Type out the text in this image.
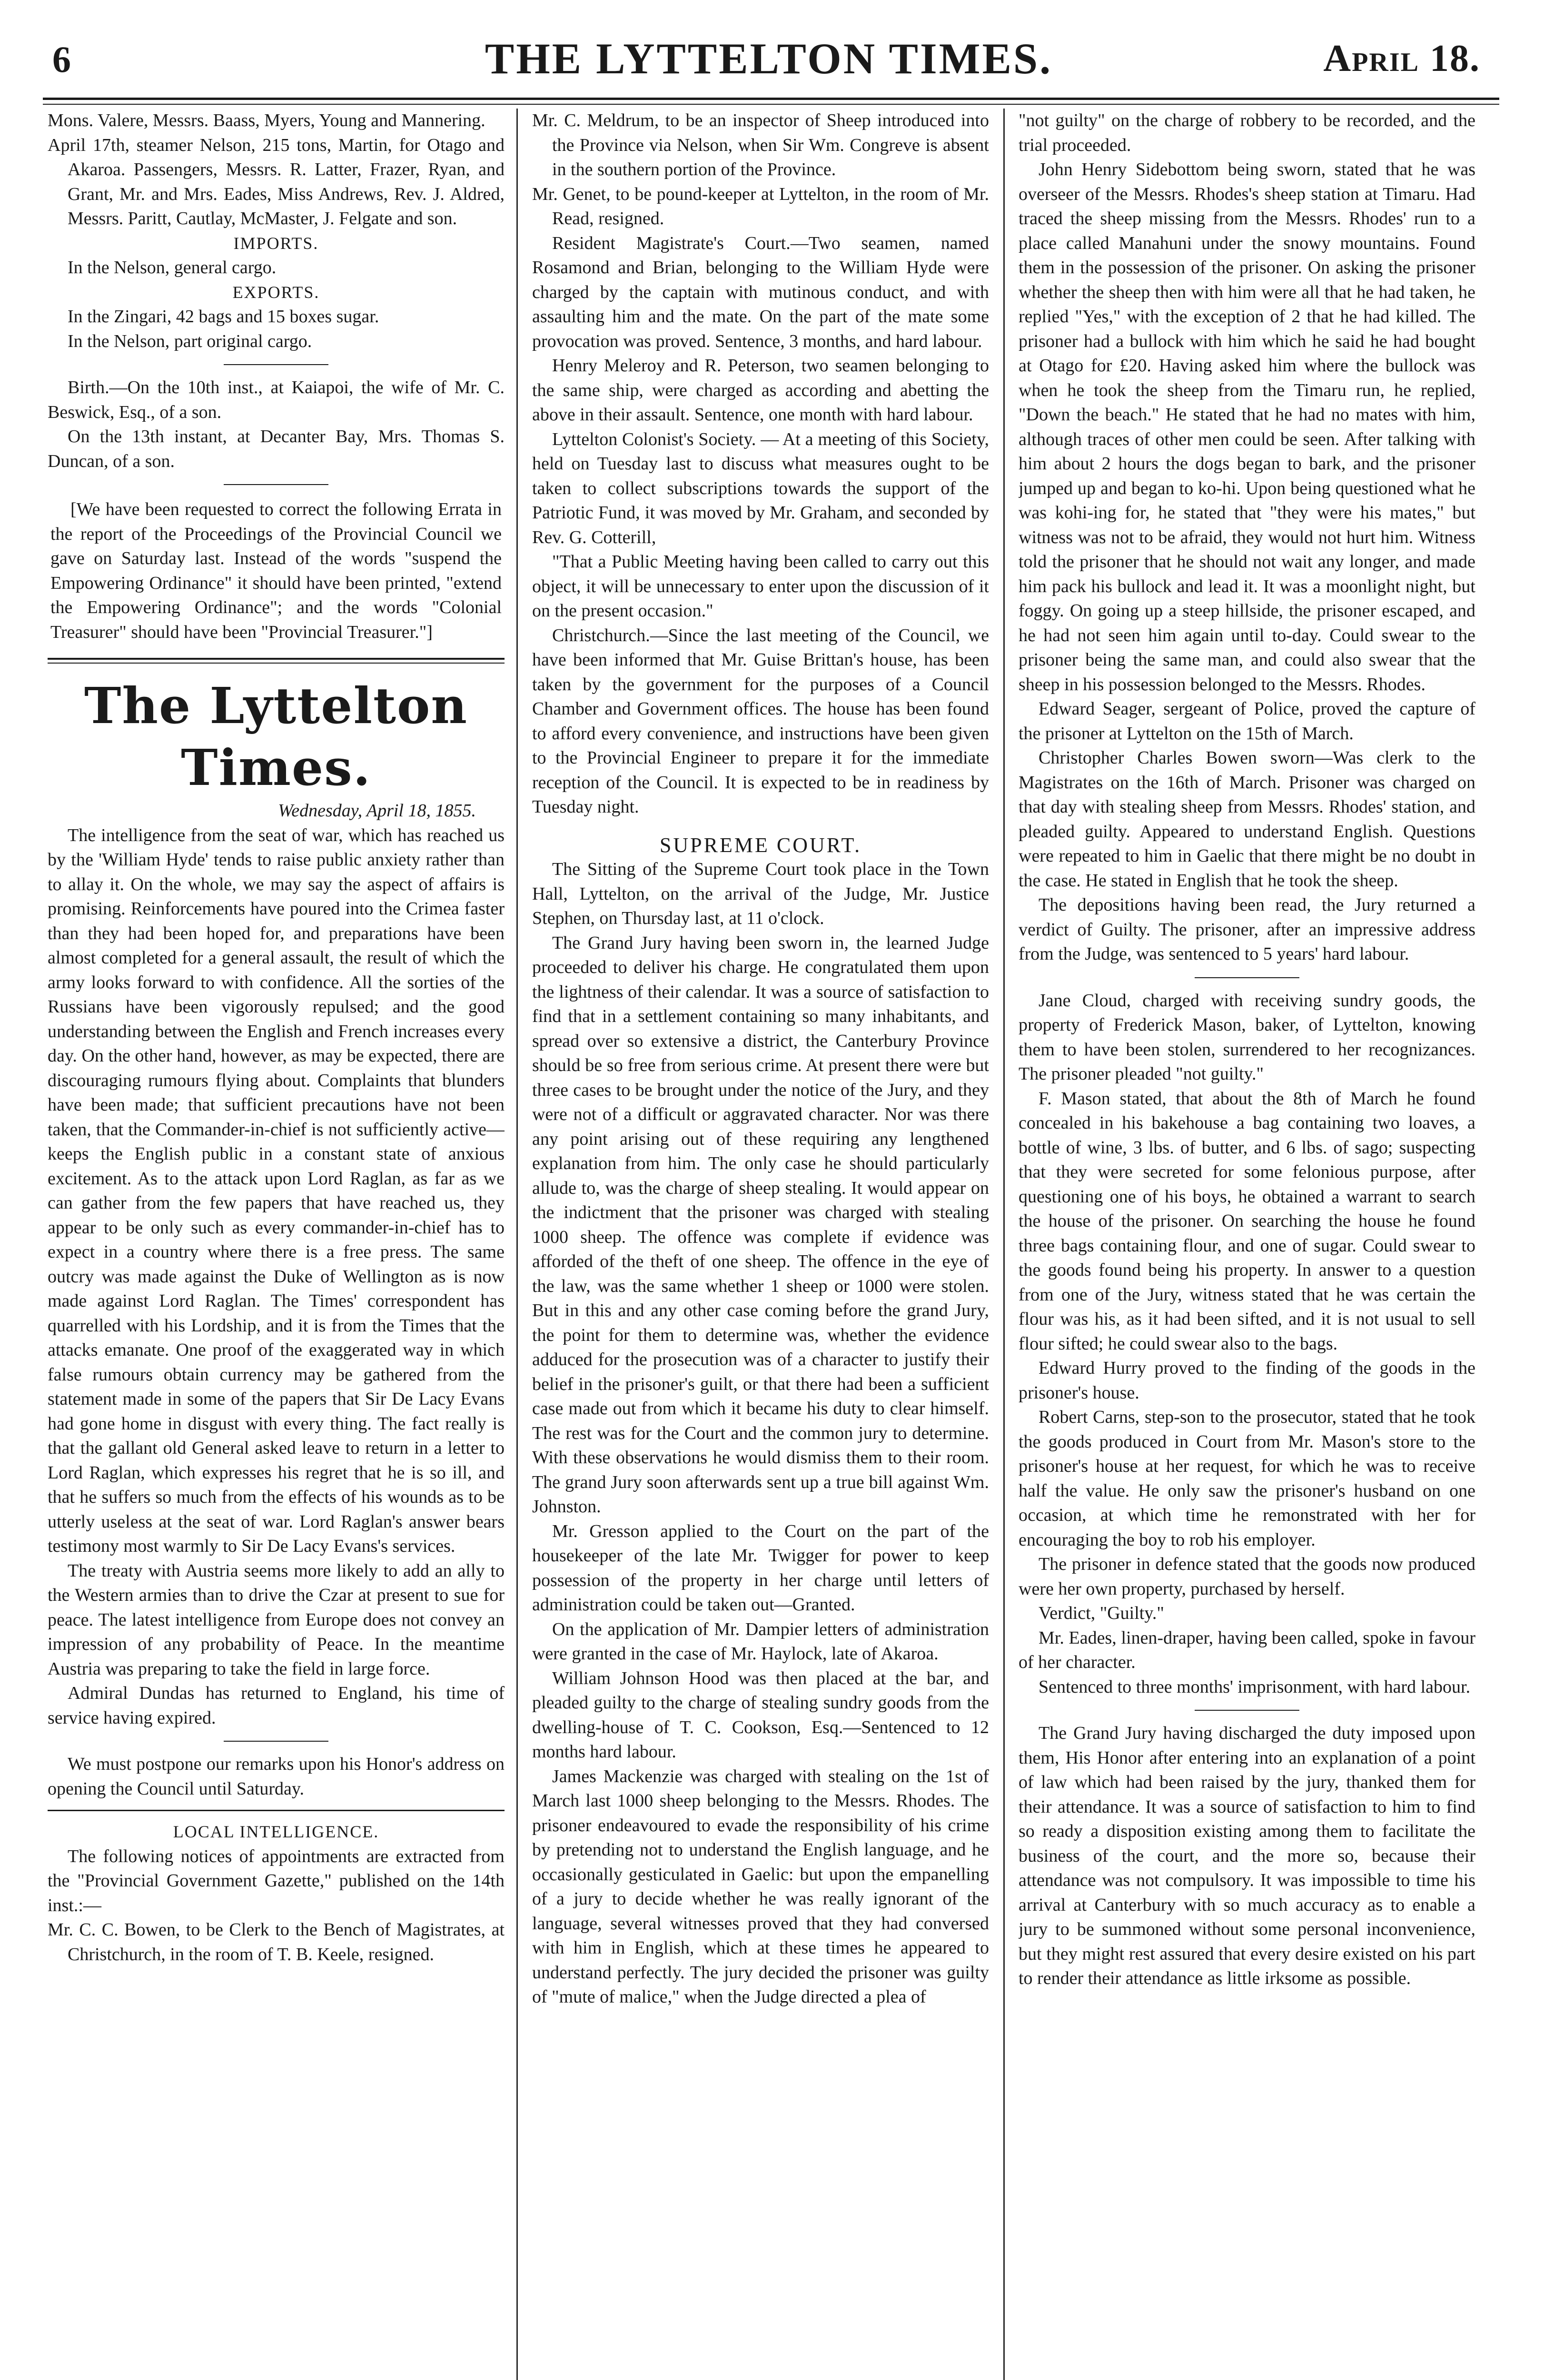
6	THE LYTTELTON TIMES.	April 18.

Mons. Valere, Messrs. Baass, Myers, Young and Mannering.

April 17th, steamer Nelson, 215 tons, Martin, for Otago and Akaroa. Passengers, Messrs. R. Latter, Frazer, Ryan, and Grant, Mr. and Mrs. Eades, Miss Andrews, Rev. J. Aldred, Messrs. Paritt, Cautlay, McMaster, J. Felgate and son.

IMPORTS.

In the Nelson, general cargo.

EXPORTS.

In the Zingari, 42 bags and 15 boxes sugar.

In the Nelson, part original cargo.

Birth.—On the 10th inst., at Kaiapoi, the wife of Mr. C. Beswick, Esq., of a son.

On the 13th instant, at Decanter Bay, Mrs. Thomas S. Duncan, of a son.

[We have been requested to correct the following Errata in the report of the Proceedings of the Provincial Council we gave on Saturday last. Instead of the words "suspend the Empowering Ordinance" it should have been printed, "extend the Empowering Ordinance"; and the words "Colonial Treasurer" should have been "Provincial Treasurer."]

The Lyttelton Times.

Wednesday, April 18, 1855.

The intelligence from the seat of war, which has reached us by the 'William Hyde' tends to raise public anxiety rather than to allay it. On the whole, we may say the aspect of affairs is promising. Reinforcements have poured into the Crimea faster than they had been hoped for, and preparations have been almost completed for a general assault, the result of which the army looks forward to with confidence. All the sorties of the Russians have been vigorously repulsed; and the good understanding between the English and French increases every day. On the other hand, however, as may be expected, there are discouraging rumours flying about. Complaints that blunders have been made; that sufficient precautions have not been taken, that the Commander-in-chief is not sufficiently active—keeps the English public in a constant state of anxious excitement. As to the attack upon Lord Raglan, as far as we can gather from the few papers that have reached us, they appear to be only such as every commander-in-chief has to expect in a country where there is a free press. The same outcry was made against the Duke of Wellington as is now made against Lord Raglan. The Times' correspondent has quarrelled with his Lordship, and it is from the Times that the attacks emanate. One proof of the exaggerated way in which false rumours obtain currency may be gathered from the statement made in some of the papers that Sir De Lacy Evans had gone home in disgust with every thing. The fact really is that the gallant old General asked leave to return in a letter to Lord Raglan, which expresses his regret that he is so ill, and that he suffers so much from the effects of his wounds as to be utterly useless at the seat of war. Lord Raglan's answer bears testimony most warmly to Sir De Lacy Evans's services.

The treaty with Austria seems more likely to add an ally to the Western armies than to drive the Czar at present to sue for peace. The latest intelligence from Europe does not convey an impression of any probability of Peace. In the meantime Austria was preparing to take the field in large force.

Admiral Dundas has returned to England, his time of service having expired.

We must postpone our remarks upon his Honor's address on opening the Council until Saturday.

LOCAL INTELLIGENCE.

The following notices of appointments are extracted from the "Provincial Government Gazette," published on the 14th inst.:—

Mr. C. C. Bowen, to be Clerk to the Bench of Magistrates, at Christchurch, in the room of T. B. Keele, resigned.

Mr. C. Meldrum, to be an inspector of Sheep introduced into the Province via Nelson, when Sir Wm. Congreve is absent in the southern portion of the Province.

Mr. Genet, to be pound-keeper at Lyttelton, in the room of Mr. Read, resigned.

Resident Magistrate's Court.—Two seamen, named Rosamond and Brian, belonging to the William Hyde were charged by the captain with mutinous conduct, and with assaulting him and the mate. On the part of the mate some provocation was proved. Sentence, 3 months, and hard labour.

Henry Meleroy and R. Peterson, two seamen belonging to the same ship, were charged as according and abetting the above in their assault. Sentence, one month with hard labour.

Lyttelton Colonist's Society. — At a meeting of this Society, held on Tuesday last to discuss what measures ought to be taken to collect subscriptions towards the support of the Patriotic Fund, it was moved by Mr. Graham, and seconded by Rev. G. Cotterill,

"That a Public Meeting having been called to carry out this object, it will be unnecessary to enter upon the discussion of it on the present occasion."

Christchurch.—Since the last meeting of the Council, we have been informed that Mr. Guise Brittan's house, has been taken by the government for the purposes of a Council Chamber and Government offices. The house has been found to afford every convenience, and instructions have been given to the Provincial Engineer to prepare it for the immediate reception of the Council. It is expected to be in readiness by Tuesday night.

SUPREME COURT.

The Sitting of the Supreme Court took place in the Town Hall, Lyttelton, on the arrival of the Judge, Mr. Justice Stephen, on Thursday last, at 11 o'clock.

The Grand Jury having been sworn in, the learned Judge proceeded to deliver his charge. He congratulated them upon the lightness of their calendar. It was a source of satisfaction to find that in a settlement containing so many inhabitants, and spread over so extensive a district, the Canterbury Province should be so free from serious crime. At present there were but three cases to be brought under the notice of the Jury, and they were not of a difficult or aggravated character. Nor was there any point arising out of these requiring any lengthened explanation from him. The only case he should particularly allude to, was the charge of sheep stealing. It would appear on the indictment that the prisoner was charged with stealing 1000 sheep. The offence was complete if evidence was afforded of the theft of one sheep. The offence in the eye of the law, was the same whether 1 sheep or 1000 were stolen. But in this and any other case coming before the grand Jury, the point for them to determine was, whether the evidence adduced for the prosecution was of a character to justify their belief in the prisoner's guilt, or that there had been a sufficient case made out from which it became his duty to clear himself. The rest was for the Court and the common jury to determine. With these observations he would dismiss them to their room. The grand Jury soon afterwards sent up a true bill against Wm. Johnston.

Mr. Gresson applied to the Court on the part of the housekeeper of the late Mr. Twigger for power to keep possession of the property in her charge until letters of administration could be taken out—Granted.

On the application of Mr. Dampier letters of administration were granted in the case of Mr. Haylock, late of Akaroa.

William Johnson Hood was then placed at the bar, and pleaded guilty to the charge of stealing sundry goods from the dwelling-house of T. C. Cookson, Esq.—Sentenced to 12 months hard labour.

James Mackenzie was charged with stealing on the 1st of March last 1000 sheep belonging to the Messrs. Rhodes. The prisoner endeavoured to evade the responsibility of his crime by pretending not to understand the English language, and he occasionally gesticulated in Gaelic: but upon the empanelling of a jury to decide whether he was really ignorant of the language, several witnesses proved that they had conversed with him in English, which at these times he appeared to understand perfectly. The jury decided the prisoner was guilty of "mute of malice," when the Judge directed a plea of

"not guilty" on the charge of robbery to be recorded, and the trial proceeded.

John Henry Sidebottom being sworn, stated that he was overseer of the Messrs. Rhodes's sheep station at Timaru. Had traced the sheep missing from the Messrs. Rhodes' run to a place called Manahuni under the snowy mountains. Found them in the possession of the prisoner. On asking the prisoner whether the sheep then with him were all that he had taken, he replied "Yes," with the exception of 2 that he had killed. The prisoner had a bullock with him which he said he had bought at Otago for £20. Having asked him where the bullock was when he took the sheep from the Timaru run, he replied, "Down the beach." He stated that he had no mates with him, although traces of other men could be seen. After talking with him about 2 hours the dogs began to bark, and the prisoner jumped up and began to ko-hi. Upon being questioned what he was kohi-ing for, he stated that "they were his mates," but witness was not to be afraid, they would not hurt him. Witness told the prisoner that he should not wait any longer, and made him pack his bullock and lead it. It was a moonlight night, but foggy. On going up a steep hillside, the prisoner escaped, and he had not seen him again until to-day. Could swear to the prisoner being the same man, and could also swear that the sheep in his possession belonged to the Messrs. Rhodes.

Edward Seager, sergeant of Police, proved the capture of the prisoner at Lyttelton on the 15th of March.

Christopher Charles Bowen sworn—Was clerk to the Magistrates on the 16th of March. Prisoner was charged on that day with stealing sheep from Messrs. Rhodes' station, and pleaded guilty. Appeared to understand English. Questions were repeated to him in Gaelic that there might be no doubt in the case. He stated in English that he took the sheep.

The depositions having been read, the Jury returned a verdict of Guilty. The prisoner, after an impressive address from the Judge, was sentenced to 5 years' hard labour.

Jane Cloud, charged with receiving sundry goods, the property of Frederick Mason, baker, of Lyttelton, knowing them to have been stolen, surrendered to her recognizances. The prisoner pleaded "not guilty."

F. Mason stated, that about the 8th of March he found concealed in his bakehouse a bag containing two loaves, a bottle of wine, 3 lbs. of butter, and 6 lbs. of sago; suspecting that they were secreted for some felonious purpose, after questioning one of his boys, he obtained a warrant to search the house of the prisoner. On searching the house he found three bags containing flour, and one of sugar. Could swear to the goods found being his property. In answer to a question from one of the Jury, witness stated that he was certain the flour was his, as it had been sifted, and it is not usual to sell flour sifted; he could swear also to the bags.

Edward Hurry proved to the finding of the goods in the prisoner's house.

Robert Carns, step-son to the prosecutor, stated that he took the goods produced in Court from Mr. Mason's store to the prisoner's house at her request, for which he was to receive half the value. He only saw the prisoner's husband on one occasion, at which time he remonstrated with her for encouraging the boy to rob his employer.

The prisoner in defence stated that the goods now produced were her own property, purchased by herself.

Verdict, "Guilty."

Mr. Eades, linen-draper, having been called, spoke in favour of her character.

Sentenced to three months' imprisonment, with hard labour.

The Grand Jury having discharged the duty imposed upon them, His Honor after entering into an explanation of a point of law which had been raised by the jury, thanked them for their attendance. It was a source of satisfaction to him to find so ready a disposition existing among them to facilitate the business of the court, and the more so, because their attendance was not compulsory. It was impossible to time his arrival at Canterbury with so much accuracy as to enable a jury to be summoned without some personal inconvenience, but they might rest assured that every desire existed on his part to render their attendance as little irksome as possible.
